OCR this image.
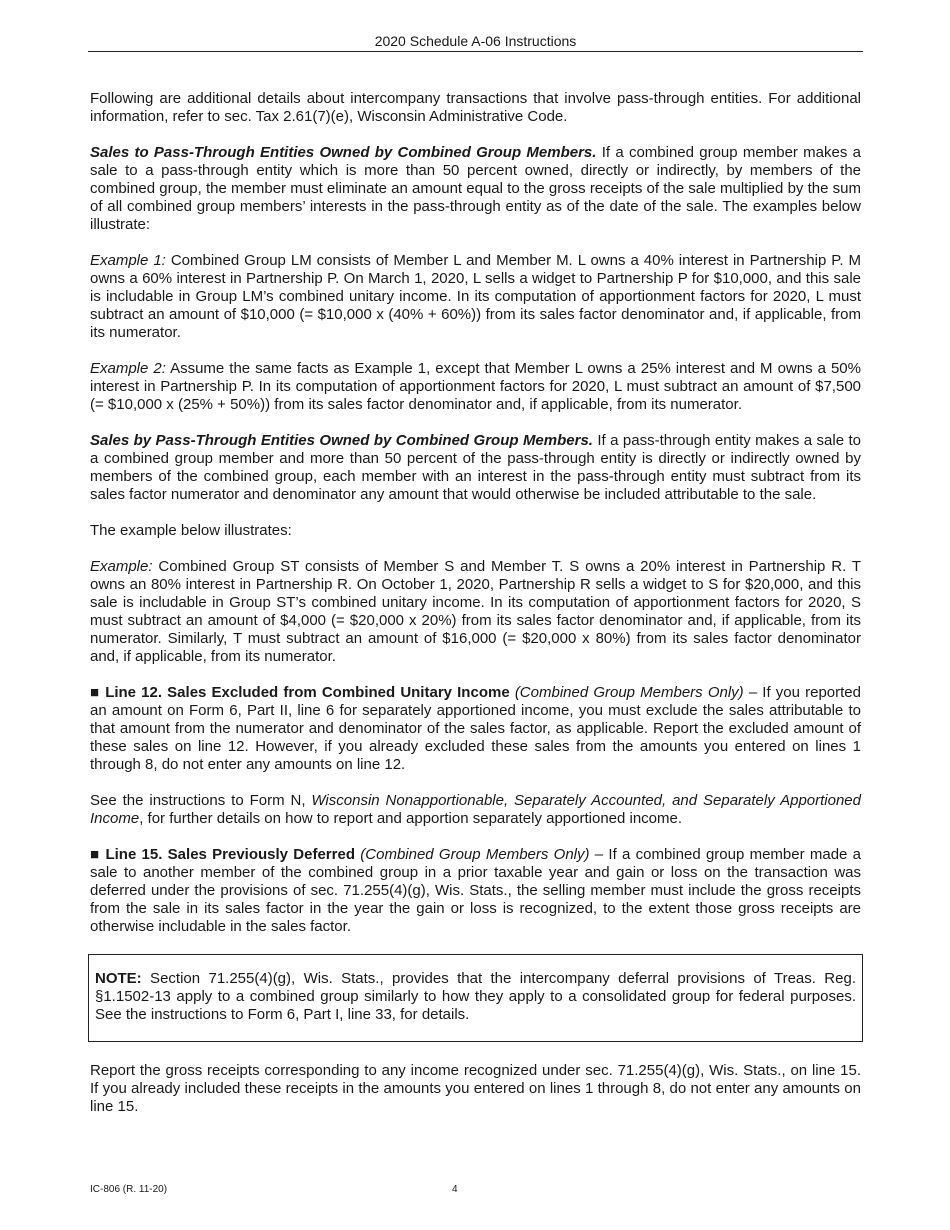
2020 Schedule A-06 Instructions

Following are additional details about intercompany transactions that involve pass-through entities. For additional information, refer to sec. Tax 2.61(7)(e), Wisconsin Administrative Code.

Sales to Pass-Through Entities Owned by Combined Group Members. If a combined group member makes a sale to a pass-through entity which is more than 50 percent owned, directly or indirectly, by members of the combined group, the member must eliminate an amount equal to the gross receipts of the sale multiplied by the sum of all combined group members’ interests in the pass-through entity as of the date of the sale. The examples below illustrate:

Example 1: Combined Group LM consists of Member L and Member M. L owns a 40% interest in Partnership P. M owns a 60% interest in Partnership P. On March 1, 2020, L sells a widget to Partnership P for $10,000, and this sale is includable in Group LM’s combined unitary income. In its computation of apportionment factors for 2020, L must subtract an amount of $10,000 (= $10,000 x (40% + 60%)) from its sales factor denominator and, if applicable, from its numerator.

Example 2: Assume the same facts as Example 1, except that Member L owns a 25% interest and M owns a 50% interest in Partnership P. In its computation of apportionment factors for 2020, L must subtract an amount of $7,500 (= $10,000 x (25% + 50%)) from its sales factor denominator and, if applicable, from its numerator.

Sales by Pass-Through Entities Owned by Combined Group Members. If a pass-through entity makes a sale to a combined group member and more than 50 percent of the pass-through entity is directly or indirectly owned by members of the combined group, each member with an interest in the pass-through entity must subtract from its sales factor numerator and denominator any amount that would otherwise be included attributable to the sale.

The example below illustrates:

Example: Combined Group ST consists of Member S and Member T. S owns a 20% interest in Partnership R. T owns an 80% interest in Partnership R. On October 1, 2020, Partnership R sells a widget to S for $20,000, and this sale is includable in Group ST’s combined unitary income. In its computation of apportionment factors for 2020, S must subtract an amount of $4,000 (= $20,000 x 20%) from its sales factor denominator and, if applicable, from its numerator. Similarly, T must subtract an amount of $16,000 (= $20,000 x 80%) from its sales factor denominator and, if applicable, from its numerator.

■ Line 12. Sales Excluded from Combined Unitary Income (Combined Group Members Only) – If you reported an amount on Form 6, Part II, line 6 for separately apportioned income, you must exclude the sales attributable to that amount from the numerator and denominator of the sales factor, as applicable. Report the excluded amount of these sales on line 12. However, if you already excluded these sales from the amounts you entered on lines 1 through 8, do not enter any amounts on line 12.

See the instructions to Form N, Wisconsin Nonapportionable, Separately Accounted, and Separately Apportioned Income, for further details on how to report and apportion separately apportioned income.

■ Line 15. Sales Previously Deferred (Combined Group Members Only) – If a combined group member made a sale to another member of the combined group in a prior taxable year and gain or loss on the transaction was deferred under the provisions of sec. 71.255(4)(g), Wis. Stats., the selling member must include the gross receipts from the sale in its sales factor in the year the gain or loss is recognized, to the extent those gross receipts are otherwise includable in the sales factor.

NOTE: Section 71.255(4)(g), Wis. Stats., provides that the intercompany deferral provisions of Treas. Reg. §1.1502-13 apply to a combined group similarly to how they apply to a consolidated group for federal purposes. See the instructions to Form 6, Part I, line 33, for details.

Report the gross receipts corresponding to any income recognized under sec. 71.255(4)(g), Wis. Stats., on line 15. If you already included these receipts in the amounts you entered on lines 1 through 8, do not enter any amounts on line 15.

IC-806 (R. 11-20)	4
